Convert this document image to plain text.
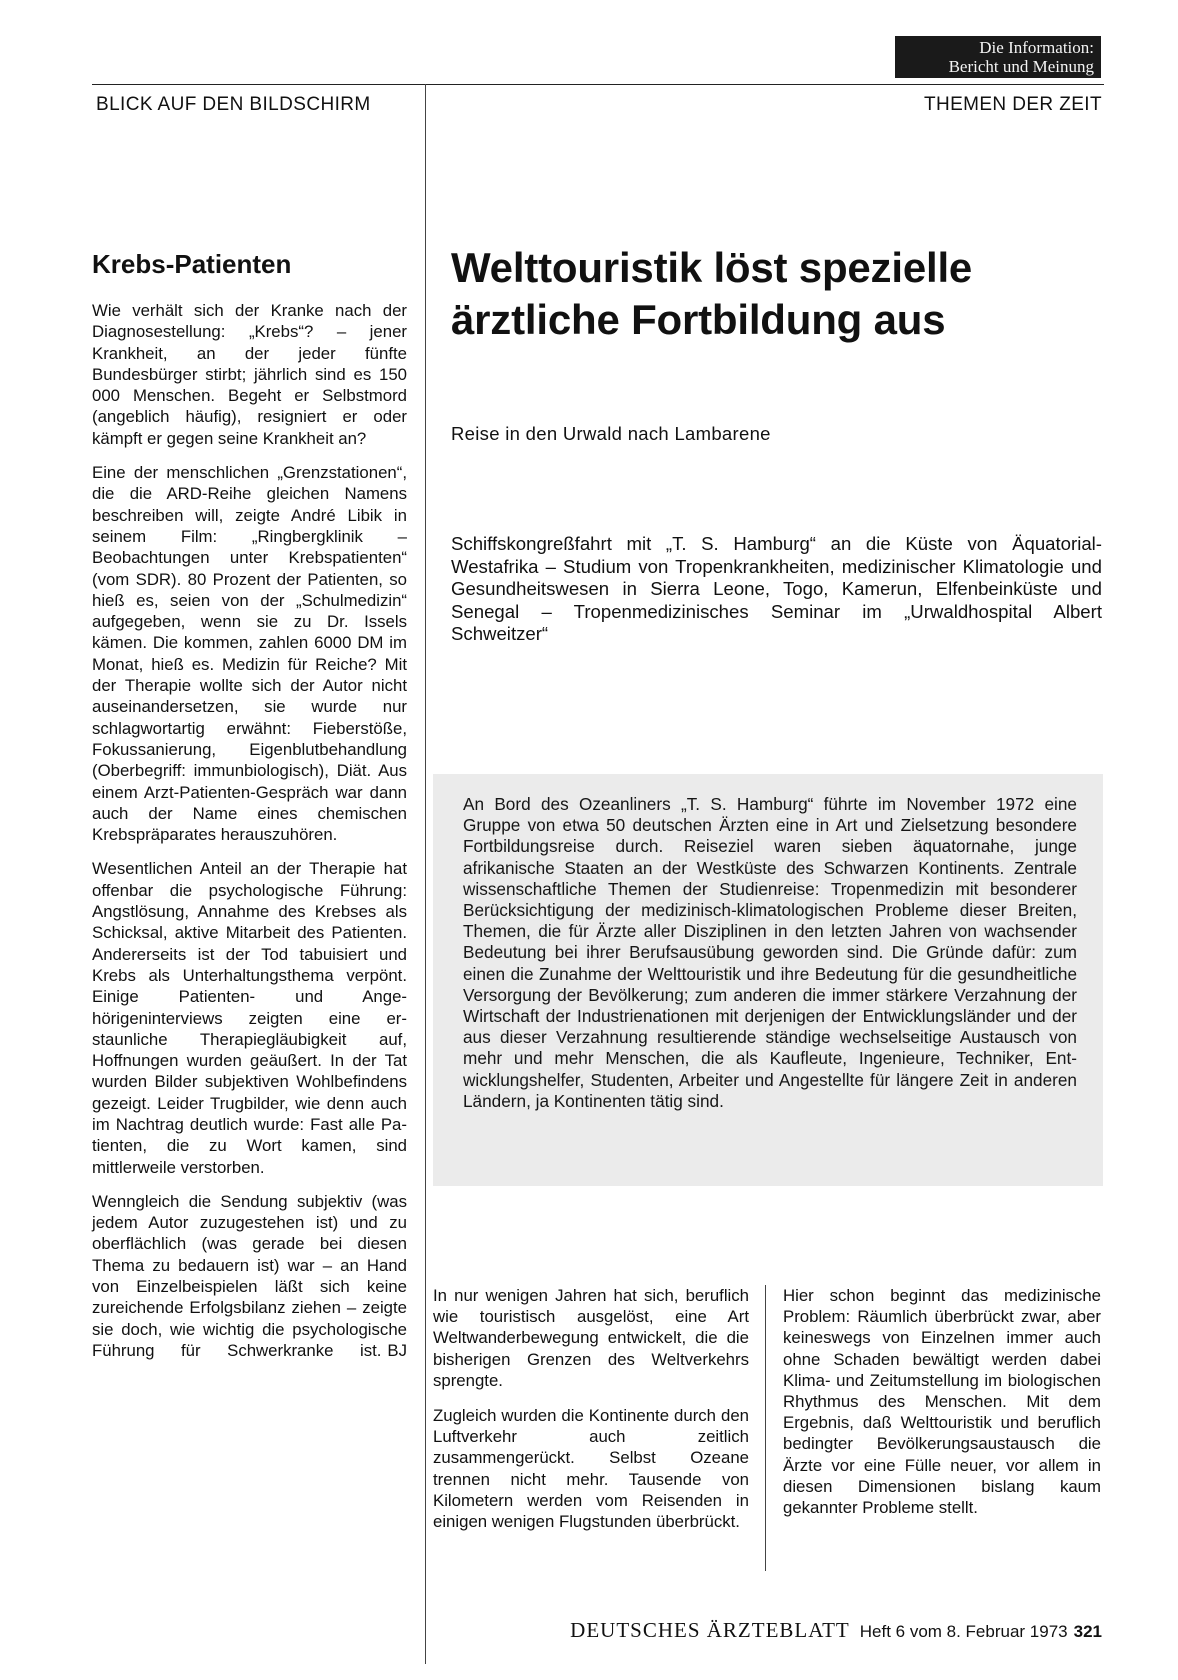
Die Information:
Bericht und Meinung
BLICK AUF DEN BILDSCHIRM	THEMEN DER ZEIT
Krebs-Patienten

Wie verhält sich der Kranke nach der Diagnosestellung: „Krebs“? – jener Krankheit, an der jeder fünfte Bundesbürger stirbt; jährlich sind es 150 000 Menschen. Begeht er Selbstmord (angeblich häufig), resigniert er oder kämpft er gegen seine Krankheit an?

Eine der menschlichen „Grenzstationen“, die die ARD-Reihe gleichen Namens beschreiben will, zeigte André Libik in seinem Film: „Ringbergklinik – Beobachtungen unter Krebspatienten“ (vom SDR). 80 Prozent der Patienten, so hieß es, seien von der „Schulmedizin“ aufgegeben, wenn sie zu Dr. Issels kämen. Die kommen, zahlen 6000 DM im Monat, hieß es. Medizin für Reiche? Mit der Therapie wollte sich der Autor nicht auseinandersetzen, sie wurde nur schlagwortartig erwähnt: Fieberstöße, Fokussanierung, Eigenblutbehandlung (Oberbegriff: immunbiologisch), Diät. Aus einem Arzt-Patienten-Gespräch war dann auch der Name eines chemischen Krebspräparates herauszuhören.

Wesentlichen Anteil an der Therapie hat offenbar die psychologische Führung: Angstlösung, Annahme des Krebses als Schicksal, aktive Mitarbeit des Patienten. Andererseits ist der Tod tabuisiert und Krebs als Unterhaltungsthema verpönt. Einige Patienten- und Angehörigeninterviews zeigten eine erstaunliche Therapiegläubigkeit auf, Hoffnungen wurden geäußert. In der Tat wurden Bilder subjektiven Wohlbefindens gezeigt. Leider Trugbilder, wie denn auch im Nachtrag deutlich wurde: Fast alle Patienten, die zu Wort kamen, sind mittlerweile verstorben.

Wenngleich die Sendung subjektiv (was jedem Autor zuzugestehen ist) und zu oberflächlich (was gerade bei diesen Thema zu bedauern ist) war – an Hand von Einzelbeispielen läßt sich keine zureichende Erfolgsbilanz ziehen – zeigte sie doch, wie wichtig die psychologische Führung für Schwerkranke ist. BJ

Welttouristik löst spezielle ärztliche Fortbildung aus
Reise in den Urwald nach Lambarene

Schiffskongreßfahrt mit „T. S. Hamburg“ an die Küste von Äquatorial-Westafrika – Studium von Tropenkrankheiten, medizinischer Klimatologie und Gesundheitswesen in Sierra Leone, Togo, Kamerun, Elfenbeinküste und Senegal – Tropenmedizinisches Seminar im „Urwaldhospital Albert Schweitzer“

An Bord des Ozeanliners „T. S. Hamburg“ führte im November 1972 eine Gruppe von etwa 50 deutschen Ärzten eine in Art und Zielsetzung besondere Fortbildungsreise durch. Reiseziel waren sieben äquatornahe, junge afrikanische Staaten an der Westküste des Schwarzen Kontinents. Zentrale wissenschaftliche Themen der Studienreise: Tropenmedizin mit besonderer Berücksichtigung der medizinisch-klimatologischen Probleme dieser Breiten, Themen, die für Ärzte aller Disziplinen in den letzten Jahren von wachsender Bedeutung bei ihrer Berufsausübung geworden sind. Die Gründe dafür: zum einen die Zunahme der Welttouristik und ihre Bedeutung für die gesundheitliche Versorgung der Bevölkerung; zum anderen die immer stärkere Verzahnung der Wirtschaft der Industrienationen mit derjenigen der Entwicklungsländer und der aus dieser Verzahnung resultierende ständige wechselseitige Austausch von mehr und mehr Menschen, die als Kaufleute, Ingenieure, Techniker, Entwicklungshelfer, Studenten, Arbeiter und Angestellte für längere Zeit in anderen Ländern, ja Kontinenten tätig sind.

In nur wenigen Jahren hat sich, beruflich wie touristisch ausgelöst, eine Art Weltwanderbewegung entwickelt, die die bisherigen Grenzen des Weltverkehrs sprengte.

Zugleich wurden die Kontinente durch den Luftverkehr auch zeitlich zusammengerückt. Selbst Ozeane trennen nicht mehr. Tausende von Kilometern werden vom Reisenden in einigen wenigen Flugstunden überbrückt.

Hier schon beginnt das medizinische Problem: Räumlich überbrückt zwar, aber keineswegs von Einzelnen immer auch ohne Schaden bewältigt werden dabei Klima- und Zeitumstellung im biologischen Rhythmus des Menschen. Mit dem Ergebnis, daß Welttouristik und beruflich bedingter Bevölkerungsaustausch die Ärzte vor eine Fülle neuer, vor allem in diesen Dimensionen bislang kaum gekannter Probleme stellt.

DEUTSCHES ÄRZTEBLATT Heft 6 vom 8. Februar 1973 321
